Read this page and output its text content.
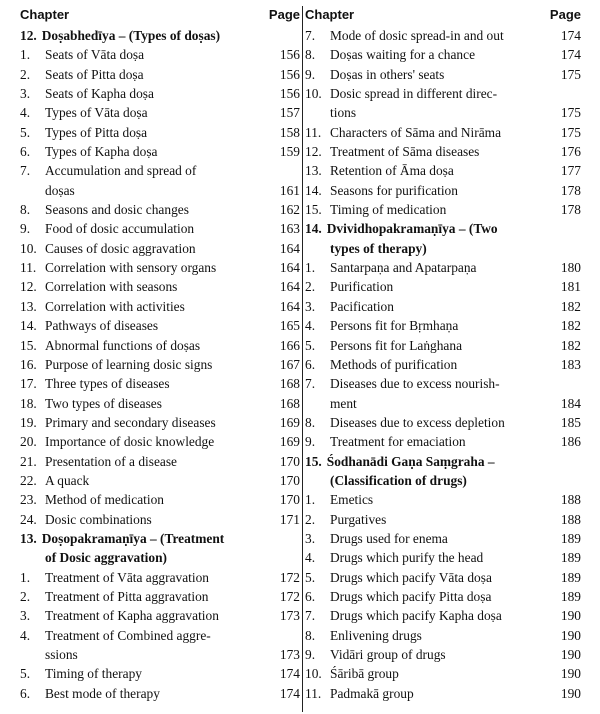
Chapter	Page
12. Doṣabhedīya – (Types of doṣas)
1.	Seats of Vāta doṣa	156
2.	Seats of Pitta doṣa	156
3.	Seats of Kapha doṣa	156
4.	Types of Vāta doṣa	157
5.	Types of Pitta doṣa	158
6.	Types of Kapha doṣa	159
7.	Accumulation and spread of
doṣas	161
8.	Seasons and dosic changes	162
9.	Food of dosic accumulation	163
10. Causes of dosic aggravation	164
11. Correlation with sensory organs	164
12. Correlation with seasons	164
13. Correlation with activities	164
14. Pathways of diseases	165
15. Abnormal functions of doṣas	166
16. Purpose of learning dosic signs	167
17. Three types of diseases	168
18. Two types of diseases	168
19. Primary and secondary diseases	169
20. Importance of dosic knowledge	169
21. Presentation of a disease	170
22. A quack	170
23. Method of medication	170
24. Dosic combinations	171
13. Doṣopakramaṇīya – (Treatment
of Dosic aggravation)
1.	Treatment of Vāta aggravation	172
2.	Treatment of Pitta aggravation	172
3.	Treatment of Kapha aggravation	173
4.	Treatment of Combined aggre-
ssions	173
5.	Timing of therapy	174
6.	Best mode of therapy	174
Chapter	Page
7.	Mode of dosic spread-in and out	174
8.	Doṣas waiting for a chance	174
9.	Doṣas in others' seats	175
10. Dosic spread in different direc-
tions	175
11. Characters of Sāma and Nirāma	175
12. Treatment of Sāma diseases	176
13. Retention of Āma doṣa	177
14. Seasons for purification	178
15. Timing of medication	178
14. Dvividhopakramaṇīya – (Two
types of therapy)
1.	Santarpaṇa and Apatarpaṇa	180
2.	Purification	181
3.	Pacification	182
4.	Persons fit for Bṛmhaṇa	182
5.	Persons fit for Laṅghana	182
6.	Methods of purification	183
7.	Diseases due to excess nourish-
ment	184
8.	Diseases due to excess depletion	185
9.	Treatment for emaciation	186
15. Śodhanādi Gaṇa Saṃgraha –
(Classification of drugs)
1.	Emetics	188
2.	Purgatives	188
3.	Drugs used for enema	189
4.	Drugs which purify the head	189
5.	Drugs which pacify Vāta doṣa	189
6.	Drugs which pacify Pitta doṣa	189
7.	Drugs which pacify Kapha doṣa	190
8.	Enlivening drugs	190
9.	Vidāri group of drugs	190
10. Śāribā group	190
11. Padmakā group	190
